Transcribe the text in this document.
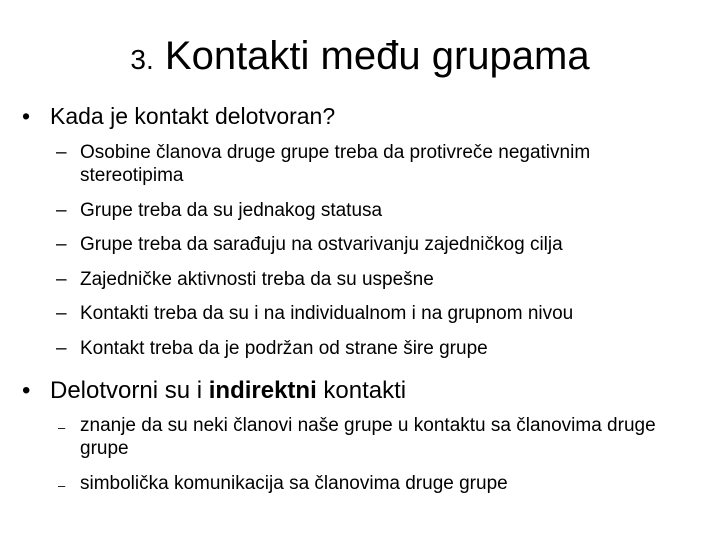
3. Kontakti među grupama
• Kada je kontakt delotvoran?
– Osobine članova druge grupe treba da protivreče negativnim stereotipima
– Grupe treba da su jednakog statusa
– Grupe treba da sarađuju na ostvarivanju zajedničkog cilja
– Zajedničke aktivnosti treba da su uspešne
– Kontakti treba da su i na individualnom i na grupnom nivou
– Kontakt treba da je podržan od strane šire grupe
• Delotvorni su i indirektni kontakti
– znanje da su neki članovi naše grupe u kontaktu sa članovima druge grupe
– simbolička komunikacija sa članovima druge grupe
